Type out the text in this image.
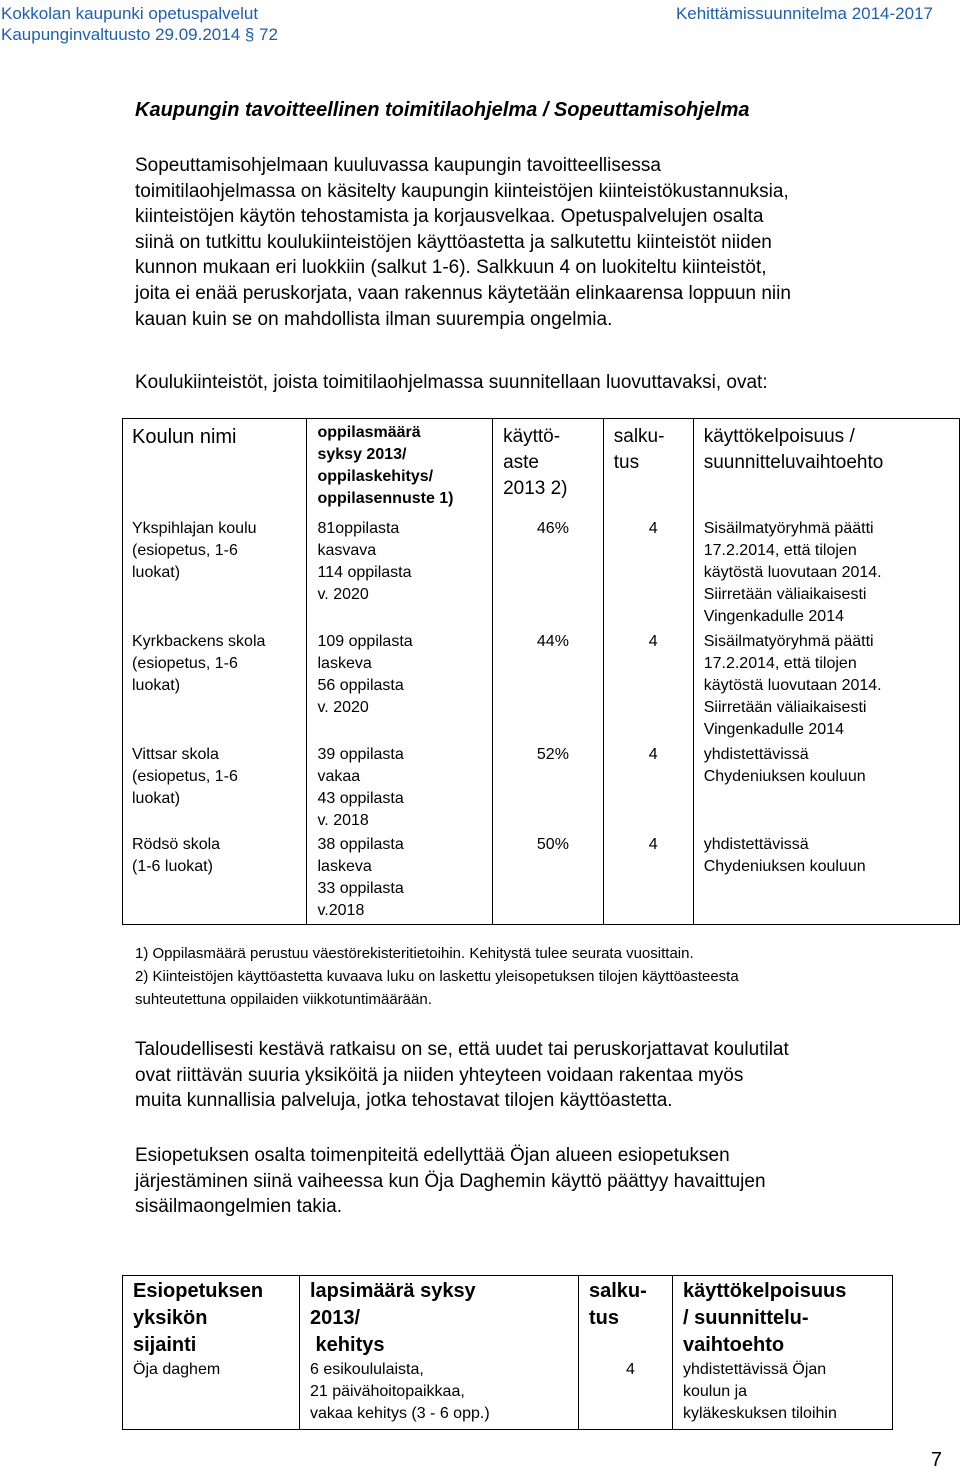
Kokkolan kaupunki opetuspalvelut
Kaupunginvaltuusto 29.09.2014 § 72
Kehittämissuunnitelma 2014-2017
Kaupungin tavoitteellinen toimitilaohjelma / Sopeuttamisohjelma

Sopeuttamisohjelmaan kuuluvassa kaupungin tavoitteellisessa
toimitilaohjelmassa on käsitelty kaupungin kiinteistöjen kiinteistökustannuksia,
kiinteistöjen käytön tehostamista ja korjausvelkaa. Opetuspalvelujen osalta
siinä on tutkittu koulukiinteistöjen käyttöastetta ja salkutettu kiinteistöt niiden
kunnon mukaan eri luokkiin (salkut 1-6). Salkkuun 4 on luokiteltu kiinteistöt,
joita ei enää peruskorjata, vaan rakennus käytetään elinkaarensa loppuun niin
kauan kuin se on mahdollista ilman suurempia ongelmia.

Koulukiinteistöt, joista toimitilaohjelmassa suunnitellaan luovuttavaksi, ovat:

Koulun nimi	oppilasmäärä
syksy 2013/
oppilaskehitys/
oppilasennuste 1)	käyttö-
aste
2013 2)	salku-
tus	käyttökelpoisuus /
suunnitteluvaihtoehto

Ykspihlajan koulu
(esiopetus, 1-6
luokat)	81oppilasta
kasvava
114 oppilasta
v. 2020	46%	4	Sisäilmatyöryhmä päätti
17.2.2014, että tilojen
käytöstä luovutaan 2014.
Siirretään väliaikaisesti
Vingenkadulle 2014

Kyrkbackens skola
(esiopetus, 1-6
luokat)	109 oppilasta
laskeva
56 oppilasta
v. 2020	44%	4	Sisäilmatyöryhmä päätti
17.2.2014, että tilojen
käytöstä luovutaan 2014.
Siirretään väliaikaisesti
Vingenkadulle 2014

Vittsar skola
(esiopetus, 1-6
luokat)	39 oppilasta
vakaa
43 oppilasta
v. 2018	52%	4	yhdistettävissä
Chydeniuksen kouluun

Rödsö skola
(1-6 luokat)	38 oppilasta
laskeva
33 oppilasta
v.2018	50%	4	yhdistettävissä
Chydeniuksen kouluun
1) Oppilasmäärä perustuu väestörekisteritietoihin. Kehitystä tulee seurata vuosittain.
2) Kiinteistöjen käyttöastetta kuvaava luku on laskettu yleisopetuksen tilojen käyttöasteesta
suhteutettuna oppilaiden viikkotuntimäärään.

Taloudellisesti kestävä ratkaisu on se, että uudet tai peruskorjattavat koulutilat
ovat riittävän suuria yksiköitä ja niiden yhteyteen voidaan rakentaa myös
muita kunnallisia palveluja, jotka tehostavat tilojen käyttöastetta.

Esiopetuksen osalta toimenpiteitä edellyttää Öjan alueen esiopetuksen
järjestäminen siinä vaiheessa kun Öja Daghemin käyttö päättyy havaittujen
sisäilmaongelmien takia.

Esiopetuksen
yksikön
sijainti	lapsimäärä syksy
2013/
kehitys	salku-
tus	käyttökelpoisuus
/ suunnittelu-
vaihtoehto

Öja daghem	6 esikoululaista,
21 päivähoitopaikkaa,
vakaa kehitys (3 - 6 opp.)	4	yhdistettävissä Öjan
koulun ja
kyläkeskuksen tiloihin
7
